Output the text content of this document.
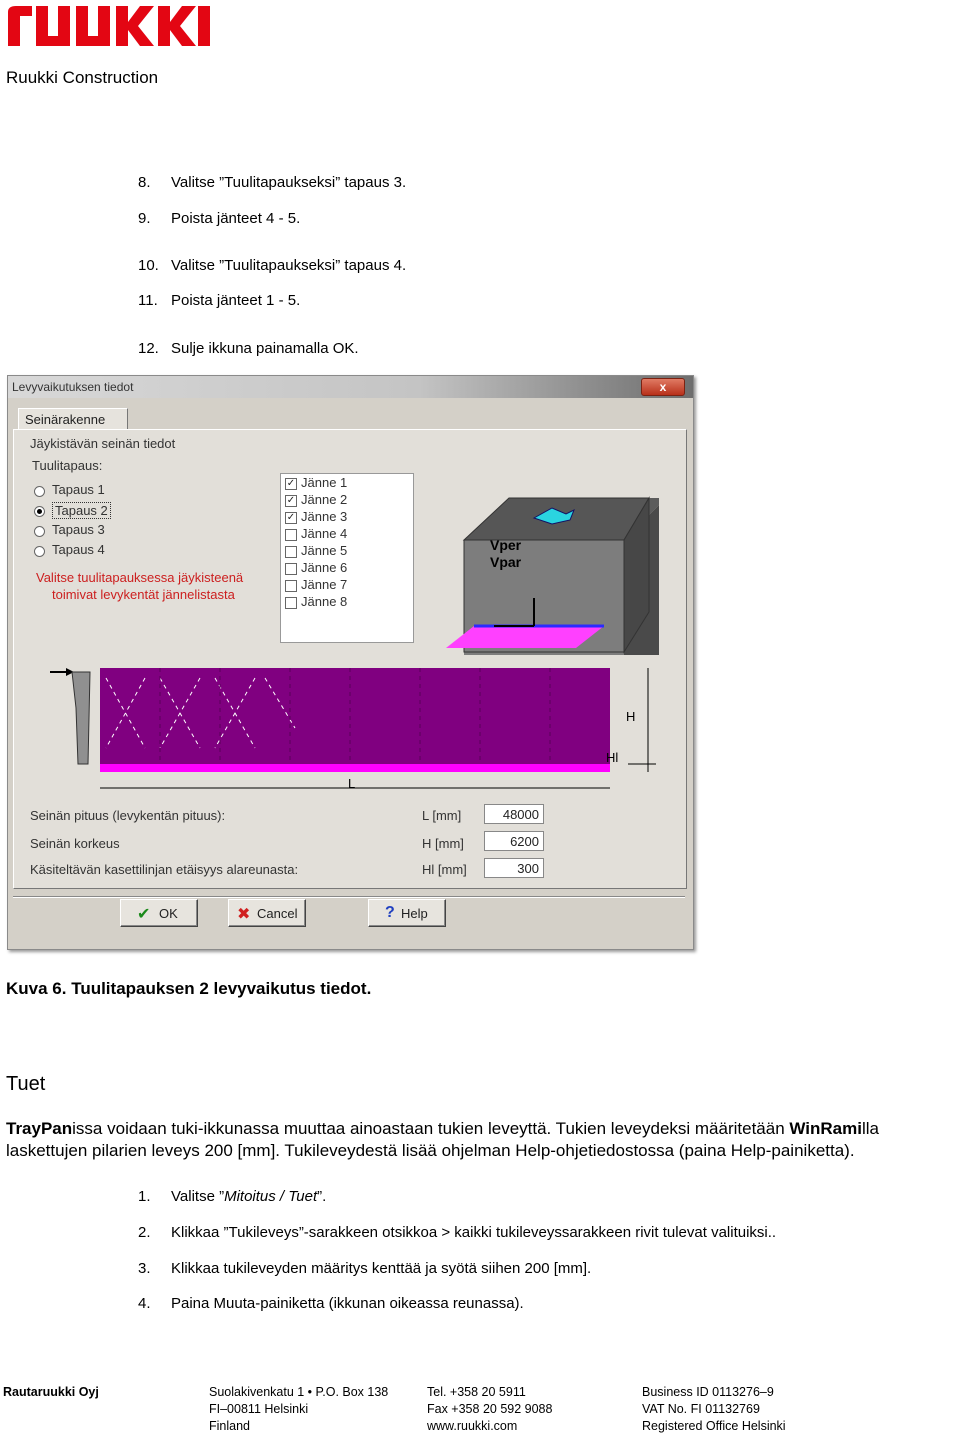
Ruukki Construction
8. Valitse ”Tuulitapaukseksi” tapaus 3.
9. Poista jänteet 4 - 5.
10. Valitse ”Tuulitapaukseksi” tapaus 4.
11. Poista jänteet 1 - 5.
12. Sulje ikkuna painamalla OK.
Levyvaikutuksen tiedot	x
Seinärakenne
Jäykistävän seinän tiedot
Tuulitapaus:
Tapaus 1
Tapaus 2
Tapaus 3
Tapaus 4
Valitse tuulitapauksessa jäykisteenä
toimivat levykentät jännelistasta
✓ Jänne 1
✓ Jänne 2
✓ Jänne 3
Jänne 4
Jänne 5
Jänne 6
Jänne 7
Jänne 8
Vper
Vpar
H
Hl
L
Seinän pituus (levykentän pituus):	L [mm]	48000
Seinän korkeus	H [mm]	6200
Käsiteltävän kasettilinjan etäisyys alareunasta:	Hl [mm]	300
✔ OK	✖ Cancel	? Help
Kuva 6. Tuulitapauksen 2 levyvaikutus tiedot.
Tuet
TrayPanissa voidaan tuki-ikkunassa muuttaa ainoastaan tukien leveyttä. Tukien leveydeksi määritetään WinRamilla laskettujen pilarien leveys 200 [mm]. Tukileveydestä lisää ohjelman Help-ohjetiedostossa (paina Help-painiketta).
1. Valitse ”Mitoitus / Tuet”.
2. Klikkaa ”Tukileveys”-sarakkeen otsikkoa > kaikki tukileveyssarakkeen rivit tulevat valituiksi..
3. Klikkaa tukileveyden määritys kenttää ja syötä siihen 200 [mm].
4. Paina Muuta-painiketta (ikkunan oikeassa reunassa).
Rautaruukki Oyj	Suolakivenkatu 1 • P.O. Box 138
FI–00811 Helsinki
Finland
Tel. +358 20 5911
Fax +358 20 592 9088
www.ruukki.com
Business ID 0113276–9
VAT No. FI 01132769
Registered Office Helsinki
